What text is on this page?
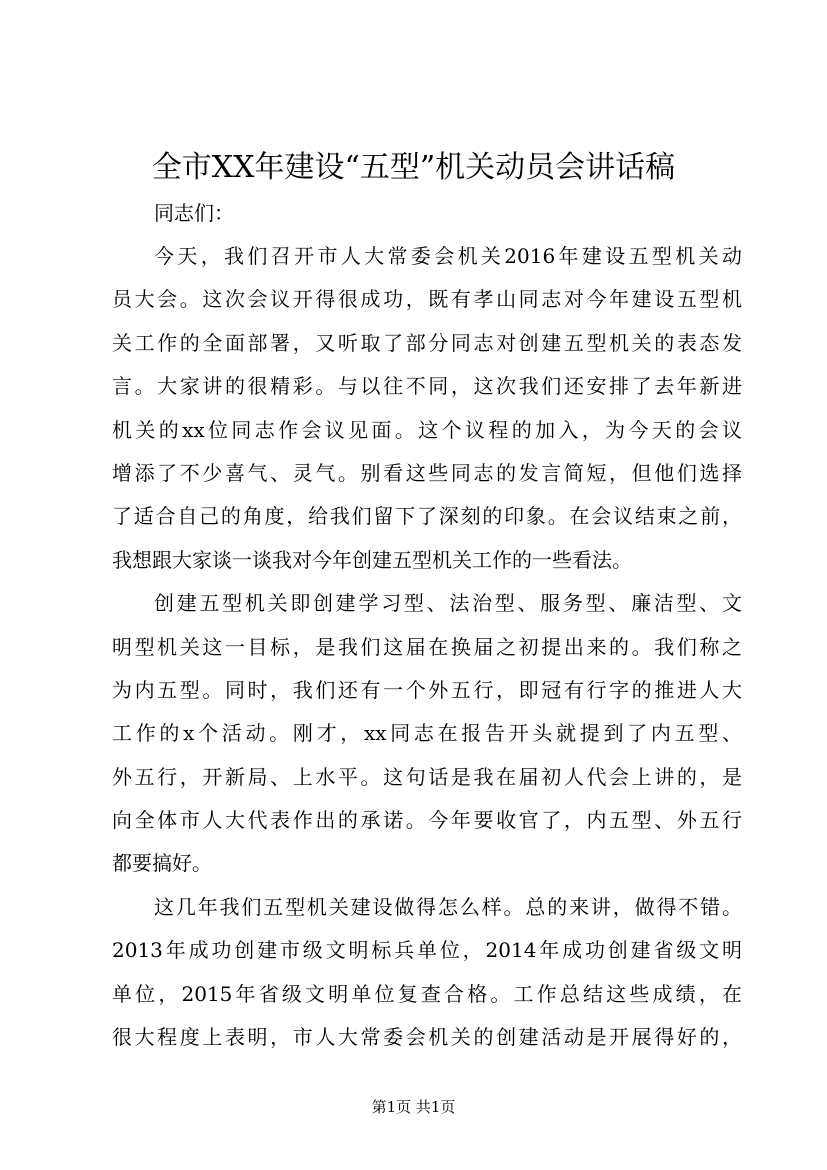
全市XX年建设“五型”机关动员会讲话稿

同志们：

今天，我们召开市人大常委会机关2016年建设五型机关动
员大会。这次会议开得很成功，既有孝山同志对今年建设五型机
关工作的全面部署，又听取了部分同志对创建五型机关的表态发
言。大家讲的很精彩。与以往不同，这次我们还安排了去年新进
机关的xx位同志作会议见面。这个议程的加入，为今天的会议
增添了不少喜气、灵气。别看这些同志的发言简短，但他们选择
了适合自己的角度，给我们留下了深刻的印象。在会议结束之前，
我想跟大家谈一谈我对今年创建五型机关工作的一些看法。

创建五型机关即创建学习型、法治型、服务型、廉洁型、文
明型机关这一目标，是我们这届在换届之初提出来的。我们称之
为内五型。同时，我们还有一个外五行，即冠有行字的推进人大
工作的x个活动。刚才，xx同志在报告开头就提到了内五型、
外五行，开新局、上水平。这句话是我在届初人代会上讲的，是
向全体市人大代表作出的承诺。今年要收官了，内五型、外五行
都要搞好。

这几年我们五型机关建设做得怎么样。总的来讲，做得不错。
2013年成功创建市级文明标兵单位，2014年成功创建省级文明
单位，2015年省级文明单位复查合格。工作总结这些成绩，在
很大程度上表明，市人大常委会机关的创建活动是开展得好的，

第1页 共1页
